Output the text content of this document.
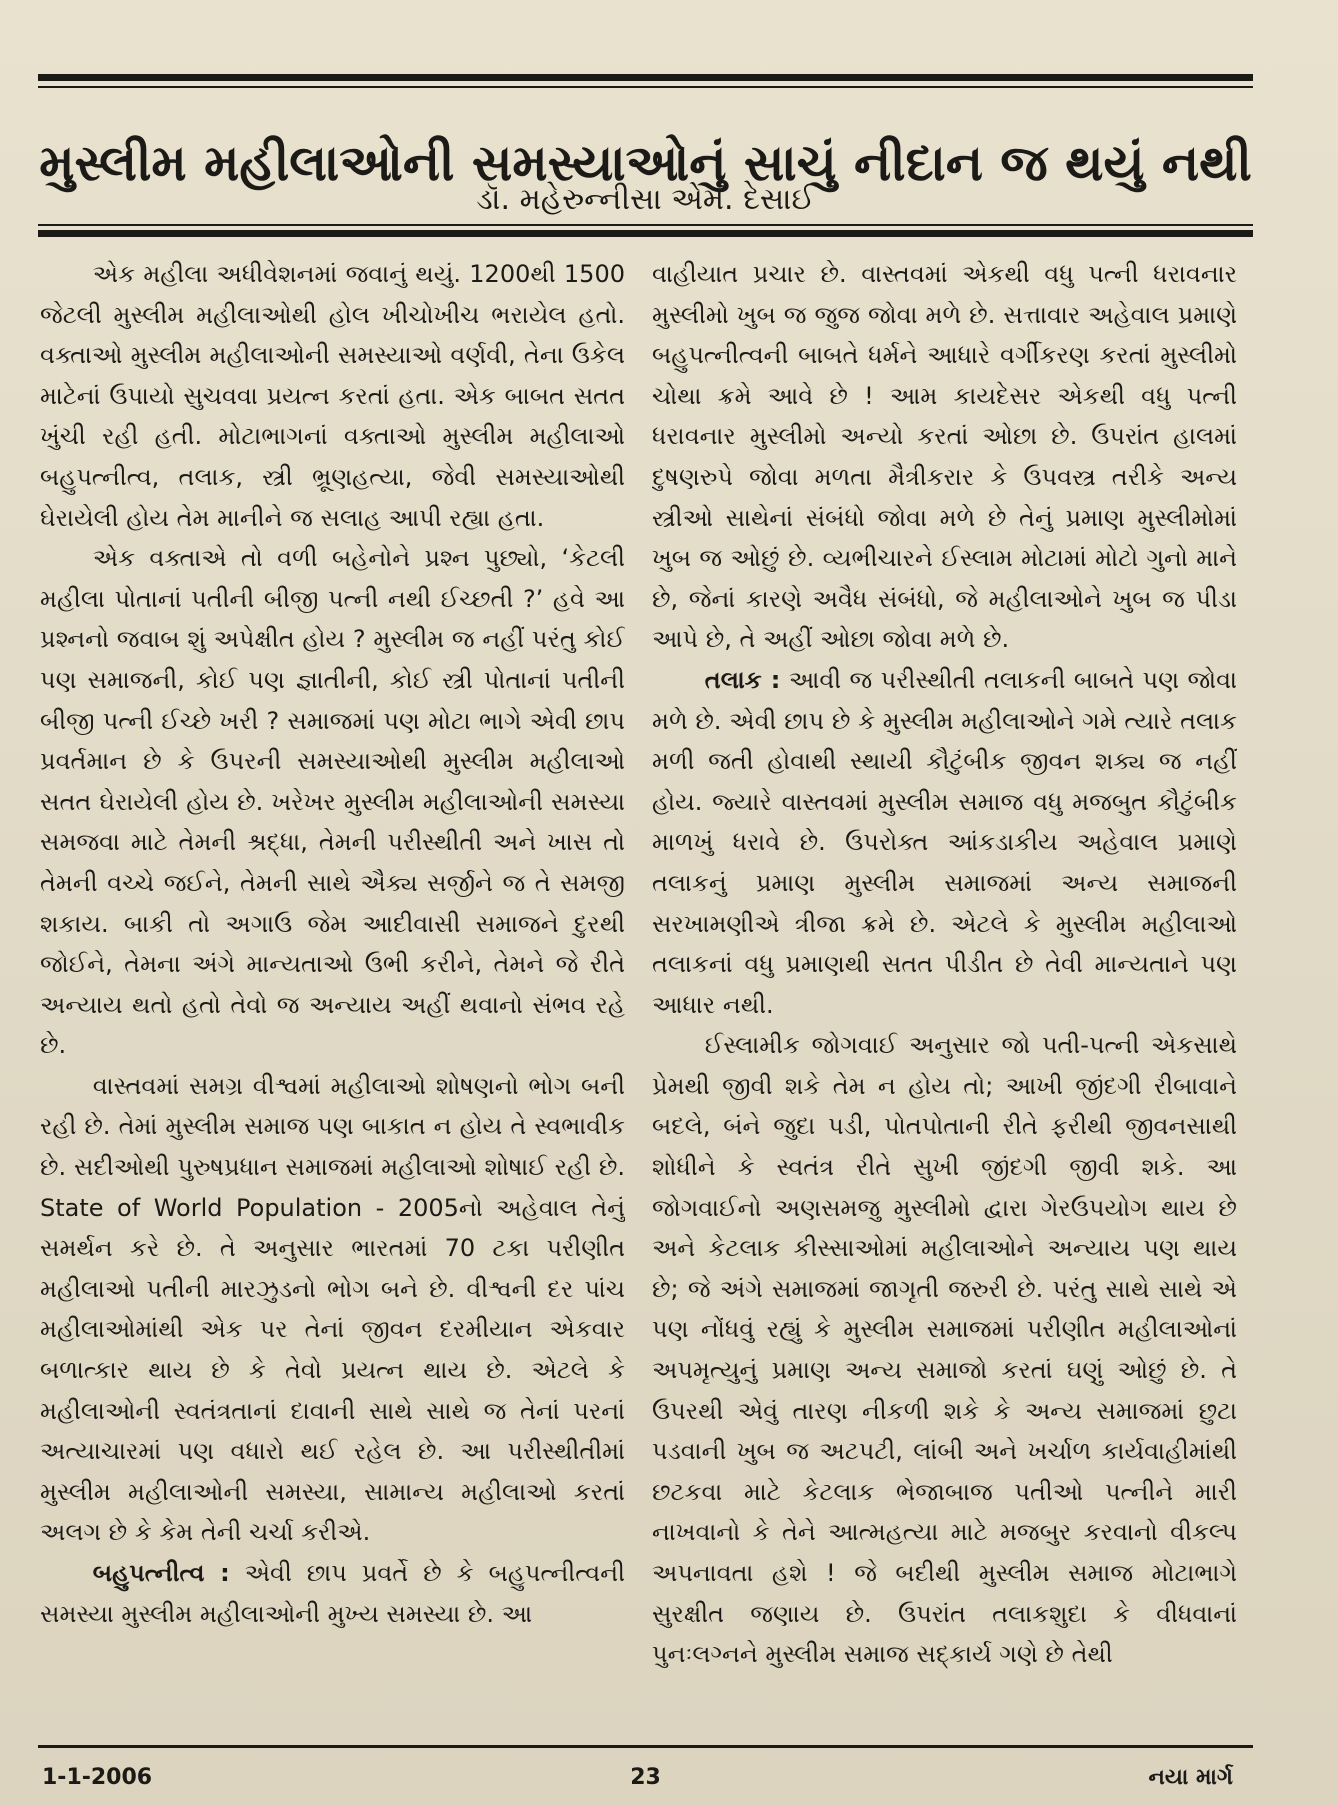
મુસ્લીમ મહીલાઓની સમસ્યાઓનું સાચું નીદાન જ થયું નથી
ડૉ. મહેરુન્નીસા એમ. દેસાઈ

એક મહીલા અધીવેશનમાં જવાનું થયું. 1200થી 1500 જેટલી મુસ્લીમ મહીલાઓથી હોલ ખીચોખીચ ભરાયેલ હતો. વક્તાઓ મુસ્લીમ મહીલાઓની સમસ્યાઓ વર્ણવી, તેના ઉકેલ માટેનાં ઉપાયો સુચવવા પ્રયત્ન કરતાં હતા. એક બાબત સતત ખુંચી રહી હતી. મોટાભાગનાં વક્તાઓ મુસ્લીમ મહીલાઓ બહુપત્નીત્વ, તલાક, સ્ત્રી ભ્રૂણહત્યા, જેવી સમસ્યાઓથી ઘેરાયેલી હોય તેમ માનીને જ સલાહ આપી રહ્યા હતા.

એક વક્તાએ તો વળી બહેનોને પ્રશ્ન પુછ્યો, ‘કેટલી મહીલા પોતાનાં પતીની બીજી પત્ની નથી ઈચ્છતી ?’ હવે આ પ્રશ્નનો જવાબ શું અપેક્ષીત હોય ? મુસ્લીમ જ નહીં પરંતુ કોઈ પણ સમાજની, કોઈ પણ જ્ઞાતીની, કોઈ સ્ત્રી પોતાનાં પતીની બીજી પત્ની ઈચ્છે ખરી ? સમાજમાં પણ મોટા ભાગે એવી છાપ પ્રવર્તમાન છે કે ઉપરની સમસ્યાઓથી મુસ્લીમ મહીલાઓ સતત ઘેરાયેલી હોય છે. ખરેખર મુસ્લીમ મહીલાઓની સમસ્યા સમજવા માટે તેમની શ્રદ્ધા, તેમની પરીસ્થીતી અને ખાસ તો તેમની વચ્ચે જઈને, તેમની સાથે ઐક્ય સર્જીને જ તે સમજી શકાય. બાકી તો અગાઉ જેમ આદીવાસી સમાજને દુરથી જોઈને, તેમના અંગે માન્યતાઓ ઉભી કરીને, તેમને જે રીતે અન્યાય થતો હતો તેવો જ અન્યાય અહીં થવાનો સંભવ રહે છે.

વાસ્તવમાં સમગ્ર વીશ્વમાં મહીલાઓ શોષણનો ભોગ બની રહી છે. તેમાં મુસ્લીમ સમાજ પણ બાકાત ન હોય તે સ્વભાવીક છે. સદીઓથી પુરુષપ્રધાન સમાજમાં મહીલાઓ શોષાઈ રહી છે. State of World Population - 2005નો અહેવાલ તેનું સમર્થન કરે છે. તે અનુસાર ભારતમાં 70 ટકા પરીણીત મહીલાઓ પતીની મારઝુડનો ભોગ બને છે. વીશ્વની દર પાંચ મહીલાઓમાંથી એક પર તેનાં જીવન દરમીયાન એકવાર બળાત્કાર થાય છે કે તેવો પ્રયત્ન થાય છે. એટલે કે મહીલાઓની સ્વતંત્રતાનાં દાવાની સાથે સાથે જ તેનાં પરનાં અત્યાચારમાં પણ વધારો થઈ રહેલ છે. આ પરીસ્થીતીમાં મુસ્લીમ મહીલાઓની સમસ્યા, સામાન્ય મહીલાઓ કરતાં અલગ છે કે કેમ તેની ચર્ચા કરીએ.

બહુપત્નીત્વ : એવી છાપ પ્રવર્તે છે કે બહુપત્નીત્વની સમસ્યા મુસ્લીમ મહીલાઓની મુખ્ય સમસ્યા છે. આ

વાહીયાત પ્રચાર છે. વાસ્તવમાં એકથી વધુ પત્ની ધરાવનાર મુસ્લીમો ખુબ જ જુજ જોવા મળે છે. સત્તાવાર અહેવાલ પ્રમાણે બહુપત્નીત્વની બાબતે ધર્મને આધારે વર્ગીકરણ કરતાં મુસ્લીમો ચોથા ક્રમે આવે છે ! આમ કાયદેસર એકથી વધુ પત્ની ધરાવનાર મુસ્લીમો અન્યો કરતાં ઓછા છે. ઉપરાંત હાલમાં દુષણરુપે જોવા મળતા મૈત્રીકરાર કે ઉપવસ્ત્ર તરીકે અન્ય સ્ત્રીઓ સાથેનાં સંબંધો જોવા મળે છે તેનું પ્રમાણ મુસ્લીમોમાં ખુબ જ ઓછું છે. વ્યભીચારને ઈસ્લામ મોટામાં મોટો ગુનો માને છે, જેનાં કારણે અવૈધ સંબંધો, જે મહીલાઓને ખુબ જ પીડા આપે છે, તે અહીં ઓછા જોવા મળે છે.

તલાક : આવી જ પરીસ્થીતી તલાકની બાબતે પણ જોવા મળે છે. એવી છાપ છે કે મુસ્લીમ મહીલાઓને ગમે ત્યારે તલાક મળી જતી હોવાથી સ્થાયી કૌટુંબીક જીવન શક્ય જ નહીં હોય. જ્યારે વાસ્તવમાં મુસ્લીમ સમાજ વધુ મજબુત કૌટુંબીક માળખું ધરાવે છે. ઉપરોક્ત આંકડાકીય અહેવાલ પ્રમાણે તલાકનું પ્રમાણ મુસ્લીમ સમાજમાં અન્ય સમાજની સરખામણીએ ત્રીજા ક્રમે છે. એટલે કે મુસ્લીમ મહીલાઓ તલાકનાં વધુ પ્રમાણથી સતત પીડીત છે તેવી માન્યતાને પણ આધાર નથી.

ઈસ્લામીક જોગવાઈ અનુસાર જો પતી-પત્ની એકસાથે પ્રેમથી જીવી શકે તેમ ન હોય તો; આખી જીંદગી રીબાવાને બદલે, બંને જુદા પડી, પોતપોતાની રીતે ફરીથી જીવનસાથી શોધીને કે સ્વતંત્ર રીતે સુખી જીંદગી જીવી શકે. આ જોગવાઈનો અણસમજુ મુસ્લીમો દ્વારા ગેરઉપયોગ થાય છે અને કેટલાક કીસ્સાઓમાં મહીલાઓને અન્યાય પણ થાય છે; જે અંગે સમાજમાં જાગૃતી જરુરી છે. પરંતુ સાથે સાથે એ પણ નોંધવું રહ્યું કે મુસ્લીમ સમાજમાં પરીણીત મહીલાઓનાં અપમૃત્યુનું પ્રમાણ અન્ય સમાજો કરતાં ઘણું ઓછું છે. તે ઉપરથી એવું તારણ નીકળી શકે કે અન્ય સમાજમાં છુટા પડવાની ખુબ જ અટપટી, લાંબી અને ખર્ચાળ કાર્યવાહીમાંથી છટકવા માટે કેટલાક ભેજાબાજ પતીઓ પત્નીને મારી નાખવાનો કે તેને આત્મહત્યા માટે મજબુર કરવાનો વીકલ્પ અપનાવતા હશે ! જે બદીથી મુસ્લીમ સમાજ મોટાભાગે સુરક્ષીત જણાય છે. ઉપરાંત તલાકશુદા કે વીધવાનાં પુનઃલગ્નને મુસ્લીમ સમાજ સદ્કાર્ય ગણે છે તેથી

23
1-1-2006	નયા માર્ગ
